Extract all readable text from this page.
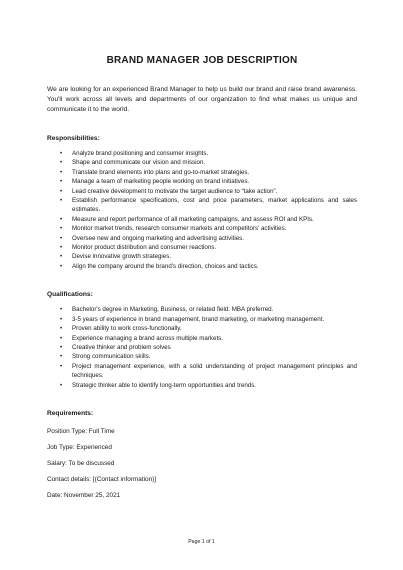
BRAND MANAGER JOB DESCRIPTION

We are looking for an experienced Brand Manager to help us build our brand and raise brand awareness. You'll work across all levels and departments of our organization to find what makes us unique and communicate it to the world.

Responsibilities:

• Analyze brand positioning and consumer insights.
• Shape and communicate our vision and mission.
• Translate brand elements into plans and go-to-market strategies.
• Manage a team of marketing people working on brand initiatives.
• Lead creative development to motivate the target audience to “take action”.
• Establish performance specifications, cost and price parameters, market applications and sales estimates.
• Measure and report performance of all marketing campaigns, and assess ROI and KPIs.
• Monitor market trends, research consumer markets and competitors' activities.
• Oversee new and ongoing marketing and advertising activities.
• Monitor product distribution and consumer reactions.
• Devise innovative growth strategies.
• Align the company around the brand's direction, choices and tactics.

Qualifications:

• Bachelor's degree in Marketing, Business, or related field. MBA preferred.
• 3-5 years of experience in brand management, brand marketing, or marketing management.
• Proven ability to work cross-functionally.
• Experience managing a brand across multiple markets.
• Creative thinker and problem solves
• Strong communication skills.
• Project management experience, with a solid understanding of project management principles and techniques.
• Strategic thinker able to identify long-term opportunities and trends.

Requirements:

Position Type: Full Time

Job Type: Experienced

Salary: To be discussed

Contact details: [(Contact information)]

Date: November 25, 2021

Page 1 of 1
